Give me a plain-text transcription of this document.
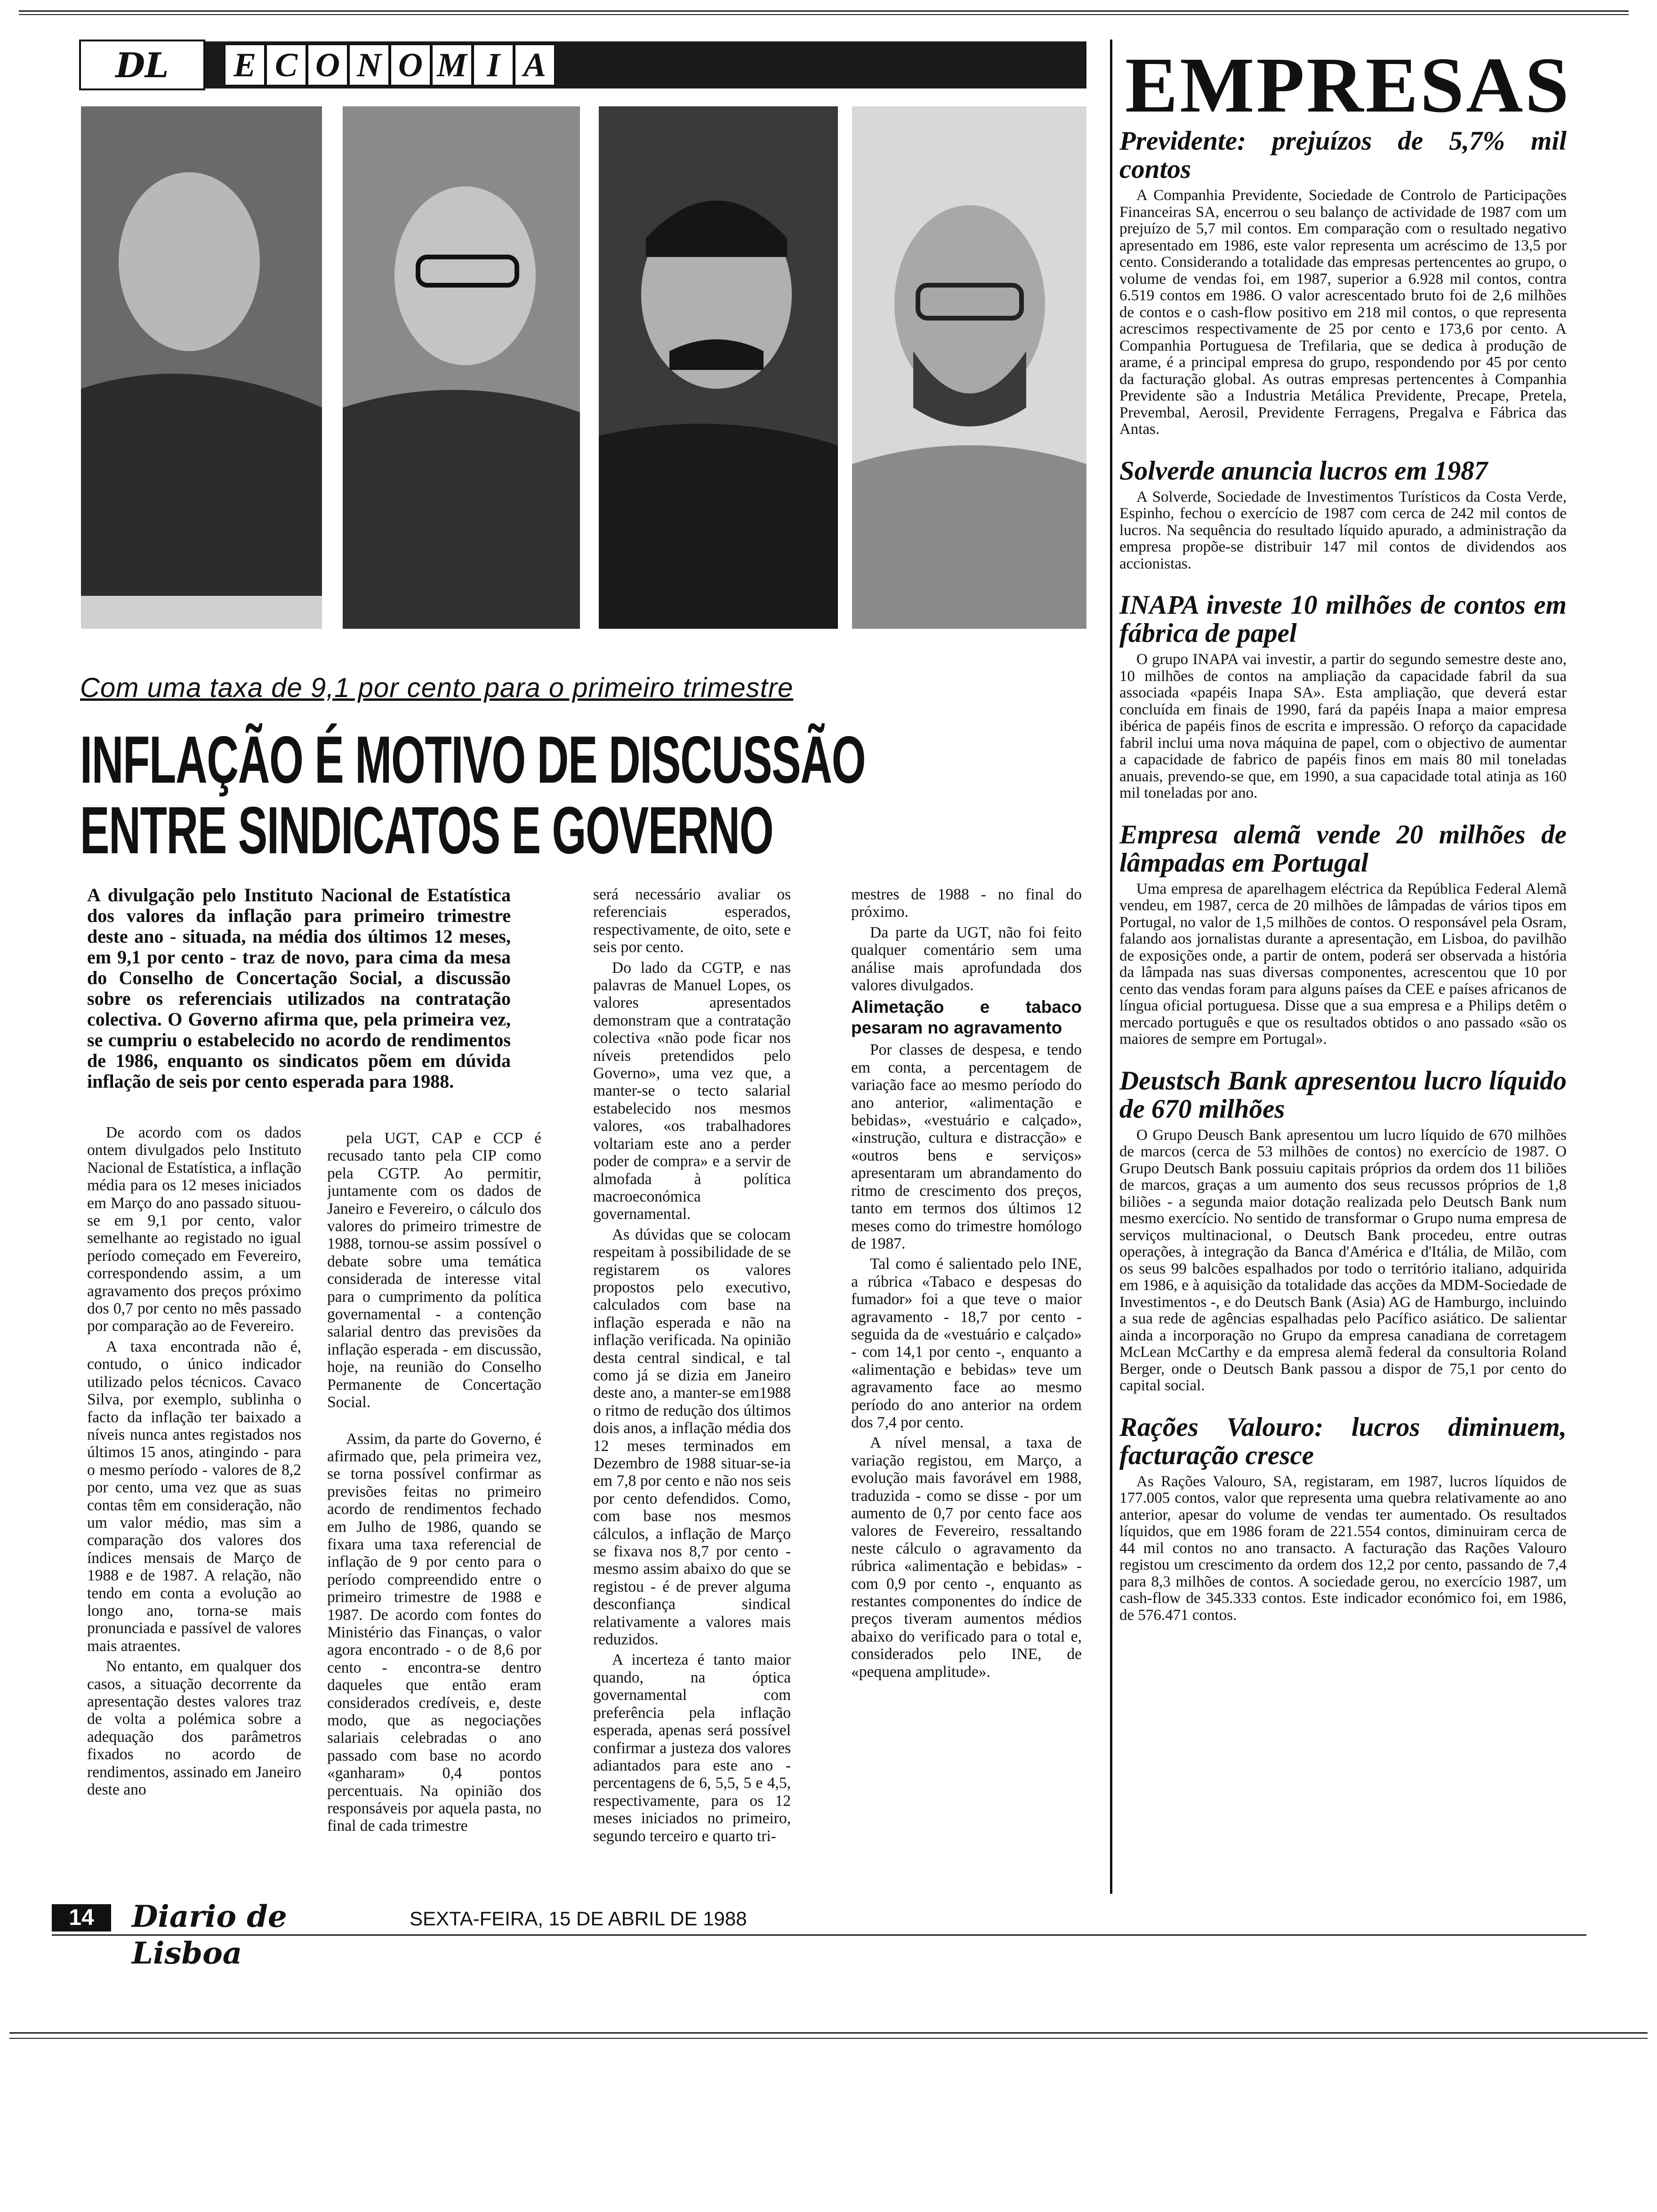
DL	E C O N O M I A
Com uma taxa de 9,1 por cento para o primeiro trimestre
INFLAÇÃO É MOTIVO DE DISCUSSÃO
ENTRE SINDICATOS E GOVERNO
A divulgação pelo Instituto Nacional de Estatística dos valores da inflação para primeiro trimestre deste ano - situada, na média dos últimos 12 meses, em 9,1 por cento - traz de novo, para cima da mesa do Conselho de Concertação Social, a discussão sobre os referenciais utilizados na contratação colectiva. O Governo afirma que, pela primeira vez, se cumpriu o estabelecido no acordo de rendimentos de 1986, enquanto os sindicatos põem em dúvida inflação de seis por cento esperada para 1988.

De acordo com os dados ontem divulgados pelo Instituto Nacional de Estatística, a inflação média para os 12 meses iniciados em Março do ano passado situou-se em 9,1 por cento, valor semelhante ao registado no igual período começado em Fevereiro, correspondendo assim, a um agravamento dos preços próximo dos 0,7 por cento no mês passado por comparação ao de Fevereiro.

A taxa encontrada não é, contudo, o único indicador utilizado pelos técnicos. Cavaco Silva, por exemplo, sublinha o facto da inflação ter baixado a níveis nunca antes registados nos últimos 15 anos, atingindo - para o mesmo período - valores de 8,2 por cento, uma vez que as suas contas têm em consideração, não um valor médio, mas sim a comparação dos valores dos índices mensais de Março de 1988 e de 1987. A relação, não tendo em conta a evolução ao longo ano, torna-se mais pronunciada e passível de valores mais atraentes.

No entanto, em qualquer dos casos, a situação decorrente da apresentação destes valores traz de volta a polémica sobre a adequação dos parâmetros fixados no acordo de rendimentos, assinado em Janeiro deste ano

pela UGT, CAP e CCP é recusado tanto pela CIP como pela CGTP. Ao permitir, juntamente com os dados de Janeiro e Fevereiro, o cálculo dos valores do primeiro trimestre de 1988, tornou-se assim possível o debate sobre uma temática considerada de interesse vital para o cumprimento da política governamental - a contenção salarial dentro das previsões da inflação esperada - em discussão, hoje, na reunião do Conselho Permanente de Concertação Social.

Assim, da parte do Governo, é afirmado que, pela primeira vez, se torna possível confirmar as previsões feitas no primeiro acordo de rendimentos fechado em Julho de 1986, quando se fixara uma taxa referencial de inflação de 9 por cento para o período compreendido entre o primeiro trimestre de 1988 e 1987. De acordo com fontes do Ministério das Finanças, o valor agora encontrado - o de 8,6 por cento - encontra-se dentro daqueles que então eram considerados credíveis, e, deste modo, que as negociações salariais celebradas o ano passado com base no acordo «ganharam» 0,4 pontos percentuais. Na opinião dos responsáveis por aquela pasta, no final de cada trimestre

será necessário avaliar os referenciais esperados, respectivamente, de oito, sete e seis por cento.

Do lado da CGTP, e nas palavras de Manuel Lopes, os valores apresentados demonstram que a contratação colectiva «não pode ficar nos níveis pretendidos pelo Governo», uma vez que, a manter-se o tecto salarial estabelecido nos mesmos valores, «os trabalhadores voltariam este ano a perder poder de compra» e a servir de almofada à política macroeconómica governamental.

As dúvidas que se colocam respeitam à possibilidade de se registarem os valores propostos pelo executivo, calculados com base na inflação esperada e não na inflação verificada. Na opinião desta central sindical, e tal como já se dizia em Janeiro deste ano, a manter-se em1988 o ritmo de redução dos últimos dois anos, a inflação média dos 12 meses terminados em Dezembro de 1988 situar-se-ia em 7,8 por cento e não nos seis por cento defendidos. Como, com base nos mesmos cálculos, a inflação de Março se fixava nos 8,7 por cento - mesmo assim abaixo do que se registou - é de prever alguma desconfiança sindical relativamente a valores mais reduzidos.

A incerteza é tanto maior quando, na óptica governamental com preferência pela inflação esperada, apenas será possível confirmar a justeza dos valores adiantados para este ano - percentagens de 6, 5,5, 5 e 4,5, respectivamente, para os 12 meses iniciados no primeiro, segundo terceiro e quarto tri-

mestres de 1988 - no final do próximo.

Da parte da UGT, não foi feito qualquer comentário sem uma análise mais aprofundada dos valores divulgados.

Alimetação e tabaco pesaram no agravamento

Por classes de despesa, e tendo em conta, a percentagem de variação face ao mesmo período do ano anterior, «alimentação e bebidas», «vestuário e calçado», «instrução, cultura e distracção» e «outros bens e serviços» apresentaram um abrandamento do ritmo de crescimento dos preços, tanto em termos dos últimos 12 meses como do trimestre homólogo de 1987.

Tal como é salientado pelo INE, a rúbrica «Tabaco e despesas do fumador» foi a que teve o maior agravamento - 18,7 por cento - seguida da de «vestuário e calçado» - com 14,1 por cento -, enquanto a «alimentação e bebidas» teve um agravamento face ao mesmo período do ano anterior na ordem dos 7,4 por cento.

A nível mensal, a taxa de variação registou, em Março, a evolução mais favorável em 1988, traduzida - como se disse - por um aumento de 0,7 por cento face aos valores de Fevereiro, ressaltando neste cálculo o agravamento da rúbrica «alimentação e bebidas» - com 0,9 por cento -, enquanto as restantes componentes do índice de preços tiveram aumentos médios abaixo do verificado para o total e, considerados pelo INE, de «pequena amplitude».

EMPRESAS

Previdente: prejuízos de 5,7% mil contos

A Companhia Previdente, Sociedade de Controlo de Participações Financeiras SA, encerrou o seu balanço de actividade de 1987 com um prejuízo de 5,7 mil contos. Em comparação com o resultado negativo apresentado em 1986, este valor representa um acréscimo de 13,5 por cento. Considerando a totalidade das empresas pertencentes ao grupo, o volume de vendas foi, em 1987, superior a 6.928 mil contos, contra 6.519 contos em 1986. O valor acrescentado bruto foi de 2,6 milhões de contos e o cash-flow positivo em 218 mil contos, o que representa acrescimos respectivamente de 25 por cento e 173,6 por cento. A Companhia Portuguesa de Trefilaria, que se dedica à produção de arame, é a principal empresa do grupo, respondendo por 45 por cento da facturação global. As outras empresas pertencentes à Companhia Previdente são a Industria Metálica Previdente, Precape, Pretela, Prevembal, Aerosil, Previdente Ferragens, Pregalva e Fábrica das Antas.

Solverde anuncia lucros em 1987

A Solverde, Sociedade de Investimentos Turísticos da Costa Verde, Espinho, fechou o exercício de 1987 com cerca de 242 mil contos de lucros. Na sequência do resultado líquido apurado, a administração da empresa propõe-se distribuir 147 mil contos de dividendos aos accionistas.

INAPA investe 10 milhões de contos em fábrica de papel

O grupo INAPA vai investir, a partir do segundo semestre deste ano, 10 milhões de contos na ampliação da capacidade fabril da sua associada «papéis Inapa SA». Esta ampliação, que deverá estar concluída em finais de 1990, fará da papéis Inapa a maior empresa ibérica de papéis finos de escrita e impressão. O reforço da capacidade fabril inclui uma nova máquina de papel, com o objectivo de aumentar a capacidade de fabrico de papéis finos em mais 80 mil toneladas anuais, prevendo-se que, em 1990, a sua capacidade total atinja as 160 mil toneladas por ano.

Empresa alemã vende 20 milhões de lâmpadas em Portugal

Uma empresa de aparelhagem eléctrica da República Federal Alemã vendeu, em 1987, cerca de 20 milhões de lâmpadas de vários tipos em Portugal, no valor de 1,5 milhões de contos. O responsável pela Osram, falando aos jornalistas durante a apresentação, em Lisboa, do pavilhão de exposições onde, a partir de ontem, poderá ser observada a história da lâmpada nas suas diversas componentes, acrescentou que 10 por cento das vendas foram para alguns países da CEE e países africanos de língua oficial portuguesa. Disse que a sua empresa e a Philips detêm o mercado português e que os resultados obtidos o ano passado «são os maiores de sempre em Portugal».

Deustsch Bank apresentou lucro líquido de 670 milhões

O Grupo Deusch Bank apresentou um lucro líquido de 670 milhões de marcos (cerca de 53 milhões de contos) no exercício de 1987. O Grupo Deutsch Bank possuiu capitais próprios da ordem dos 11 biliões de marcos, graças a um aumento dos seus recussos próprios de 1,8 biliões - a segunda maior dotação realizada pelo Deutsch Bank num mesmo exercício. No sentido de transformar o Grupo numa empresa de serviços multinacional, o Deutsch Bank procedeu, entre outras operações, à integração da Banca d'América e d'Itália, de Milão, com os seus 99 balcões espalhados por todo o território italiano, adquirida em 1986, e à aquisição da totalidade das acções da MDM-Sociedade de Investimentos -, e do Deutsch Bank (Asia) AG de Hamburgo, incluindo a sua rede de agências espalhadas pelo Pacífico asiático. De salientar ainda a incorporação no Grupo da empresa canadiana de corretagem McLean McCarthy e da empresa alemã federal da consultoria Roland Berger, onde o Deutsch Bank passou a dispor de 75,1 por cento do capital social.

Rações Valouro: lucros diminuem, facturação cresce

As Rações Valouro, SA, registaram, em 1987, lucros líquidos de 177.005 contos, valor que representa uma quebra relativamente ao ano anterior, apesar do volume de vendas ter aumentado. Os resultados líquidos, que em 1986 foram de 221.554 contos, diminuiram cerca de 44 mil contos no ano transacto. A facturação das Rações Valouro registou um crescimento da ordem dos 12,2 por cento, passando de 7,4 para 8,3 milhões de contos. A sociedade gerou, no exercício 1987, um cash-flow de 345.333 contos. Este indicador económico foi, em 1986, de 576.471 contos.

14	Diario de Lisboa
SEXTA-FEIRA, 15 DE ABRIL DE 1988
